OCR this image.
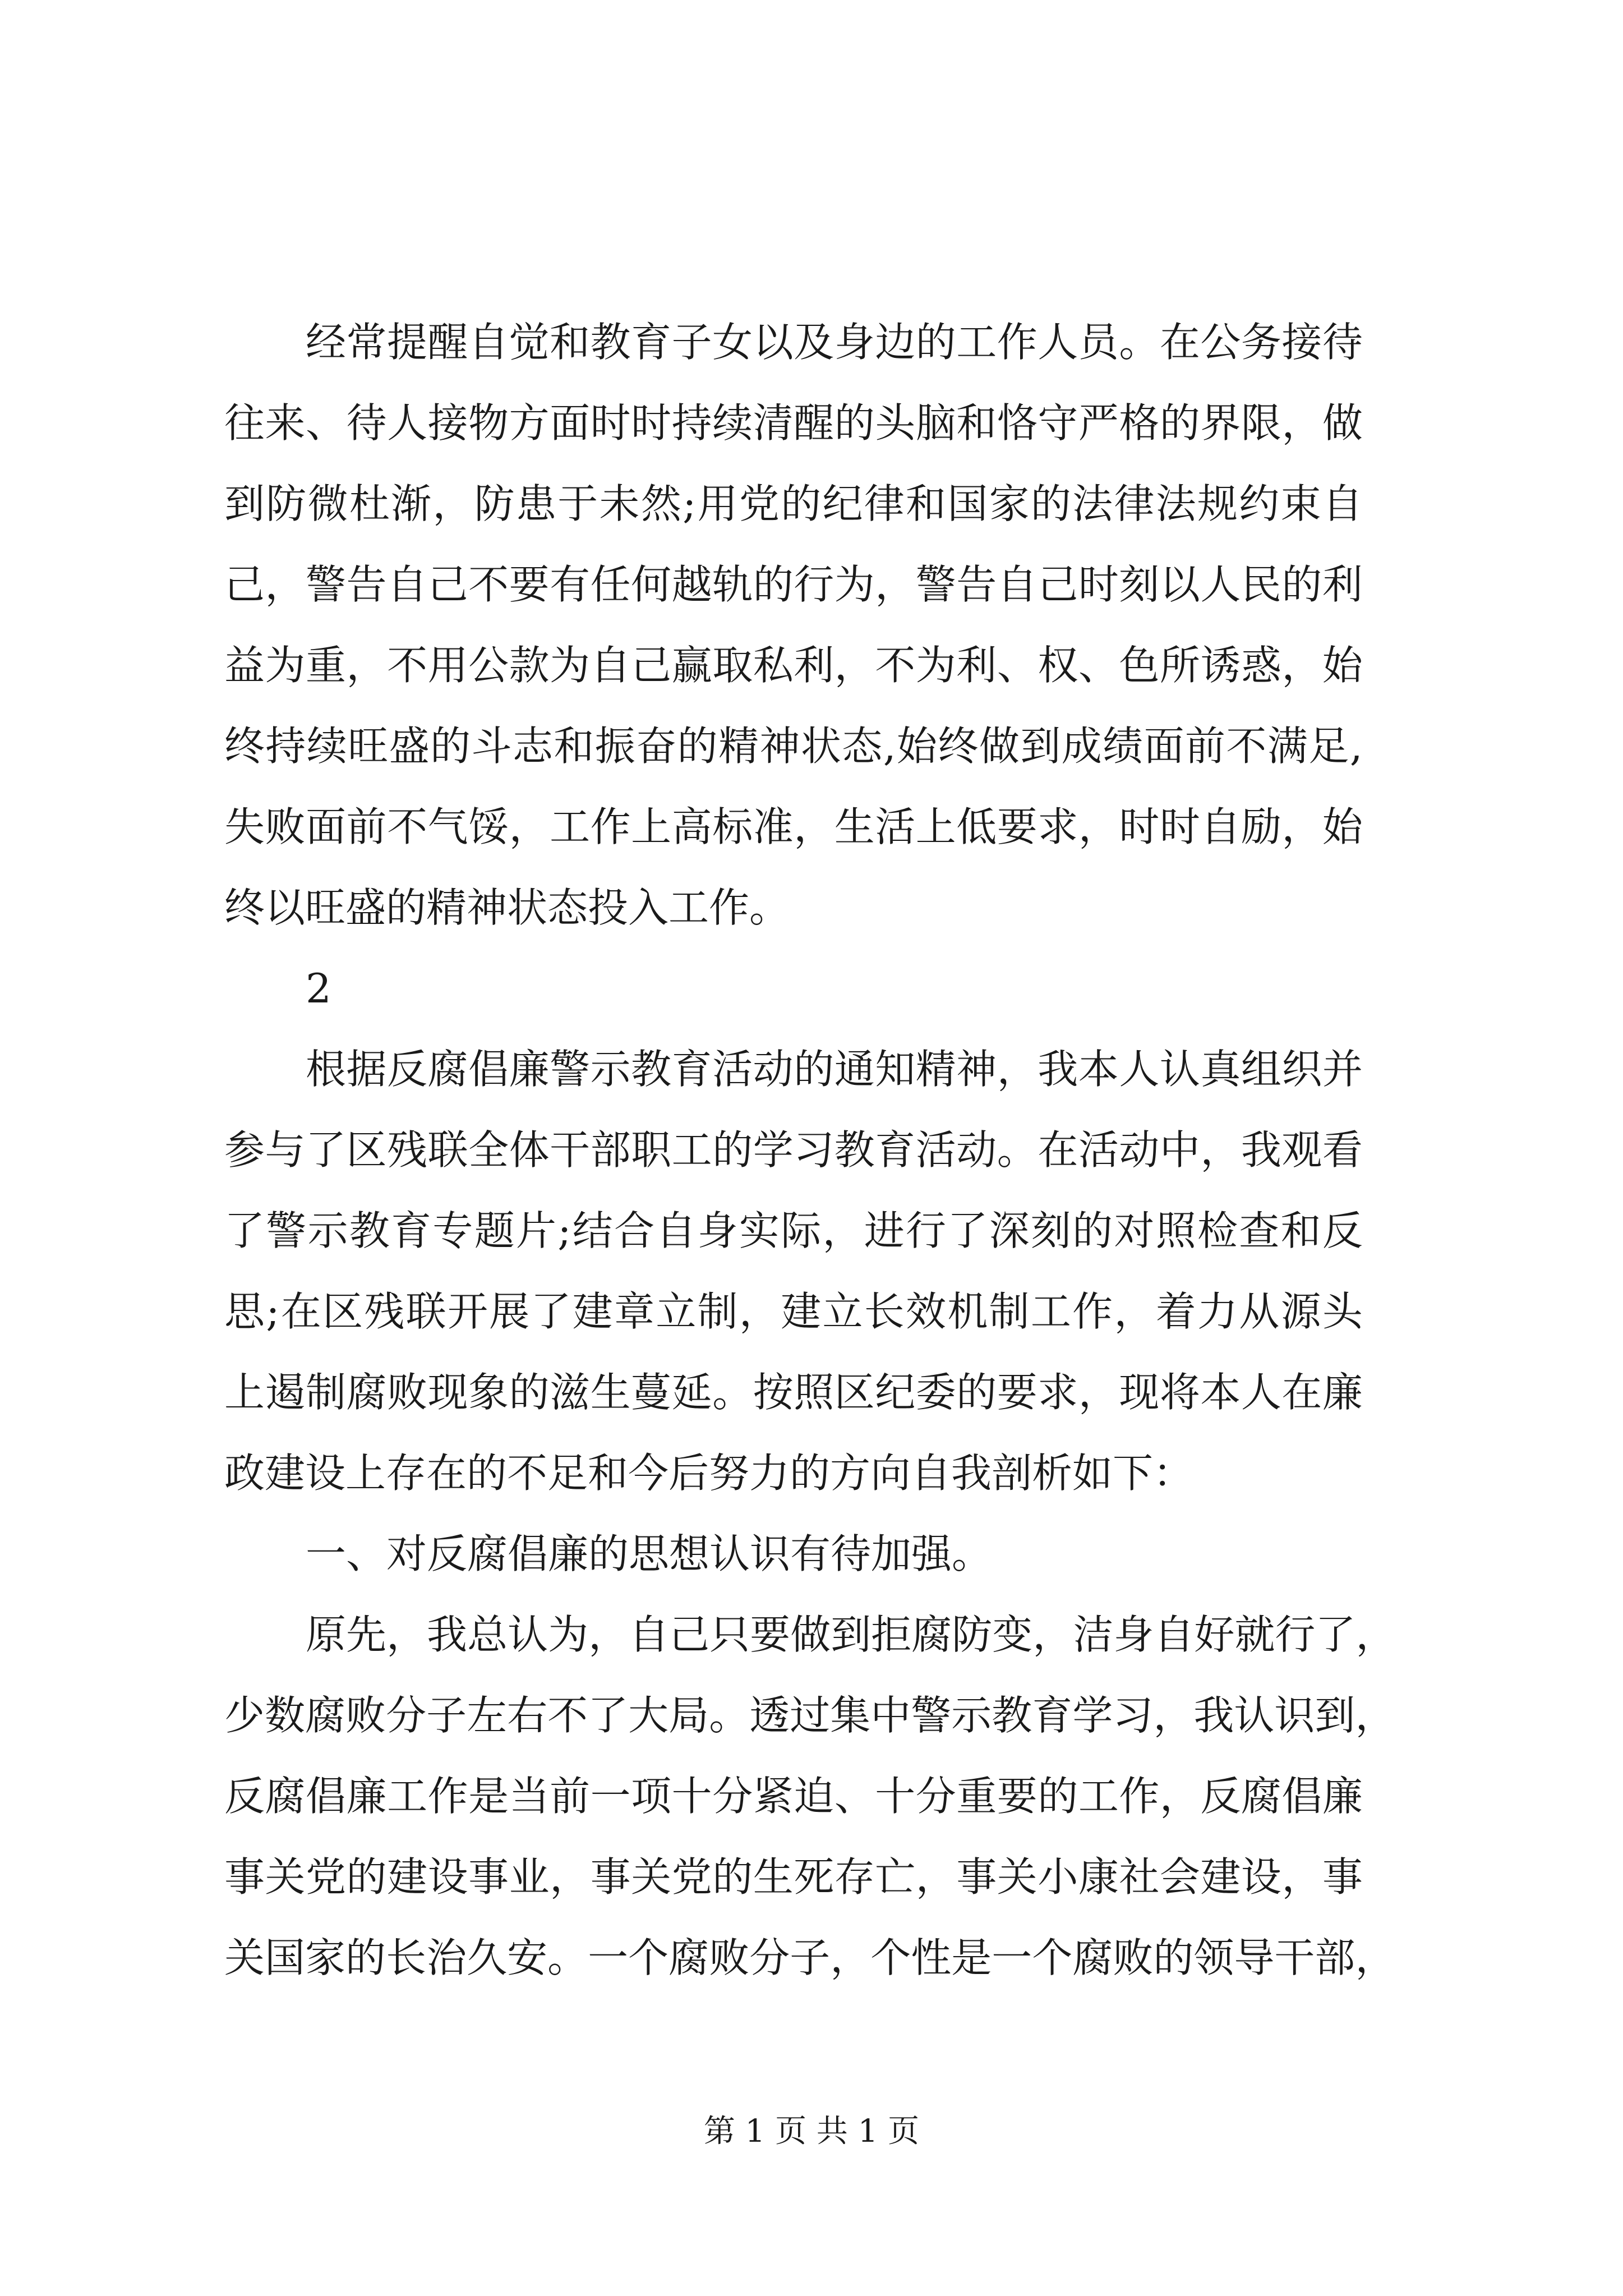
经 常 提 醒 自 觉 和 教 育 子 女 以 及 身 边 的 工 作 人 员 。 在 公 务 接 待
往 来 、 待 人 接 物 方 面 时 时 持 续 清 醒 的 头 脑 和 恪 守 严 格 的 界 限 ， 做
到 防 微 杜 渐 ， 防 患 于 未 然 ; 用 党 的 纪 律 和 国 家 的 法 律 法 规 约 束 自
己 ， 警 告 自 己 不 要 有 任 何 越 轨 的 行 为 ， 警 告 自 己 时 刻 以 人 民 的 利
益 为 重 ， 不 用 公 款 为 自 己 赢 取 私 利 ， 不 为 利 、 权 、 色 所 诱 惑 ， 始
终 持 续 旺 盛 的 斗 志 和 振 奋 的 精 神 状 态 , 始 终 做 到 成 绩 面 前 不 满 足 ,
失 败 面 前 不 气 馁 ， 工 作 上 高 标 准 ， 生 活 上 低 要 求 ， 时 时 自 励 ， 始
终以旺盛的精神状态投入工作。
2
根 据 反 腐 倡 廉 警 示 教 育 活 动 的 通 知 精 神 ， 我 本 人 认 真 组 织 并
参 与 了 区 残 联 全 体 干 部 职 工 的 学 习 教 育 活 动 。 在 活 动 中 ， 我 观 看
了 警 示 教 育 专 题 片 ; 结 合 自 身 实 际 ， 进 行 了 深 刻 的 对 照 检 查 和 反
思 ; 在 区 残 联 开 展 了 建 章 立 制 ， 建 立 长 效 机 制 工 作 ， 着 力 从 源 头
上 遏 制 腐 败 现 象 的 滋 生 蔓 延 。 按 照 区 纪 委 的 要 求 ， 现 将 本 人 在 廉
政建设上存在的不足和今后努力的方向自我剖析如下：
一、对反腐倡廉的思想认识有待加强。
原 先 ， 我 总 认 为 ， 自 己 只 要 做 到 拒 腐 防 变 ， 洁 身 自 好 就 行 了 ，
少 数 腐 败 分 子 左 右 不 了 大 局 。 透 过 集 中 警 示 教 育 学 习 ， 我 认 识 到 ，
反 腐 倡 廉 工 作 是 当 前 一 项 十 分 紧 迫 、 十 分 重 要 的 工 作 ， 反 腐 倡 廉
事 关 党 的 建 设 事 业 ， 事 关 党 的 生 死 存 亡 ， 事 关 小 康 社 会 建 设 ， 事
关 国 家 的 长 治 久 安 。 一 个 腐 败 分 子 ， 个 性 是 一 个 腐 败 的 领 导 干 部 ，
第 1 页 共 1 页
